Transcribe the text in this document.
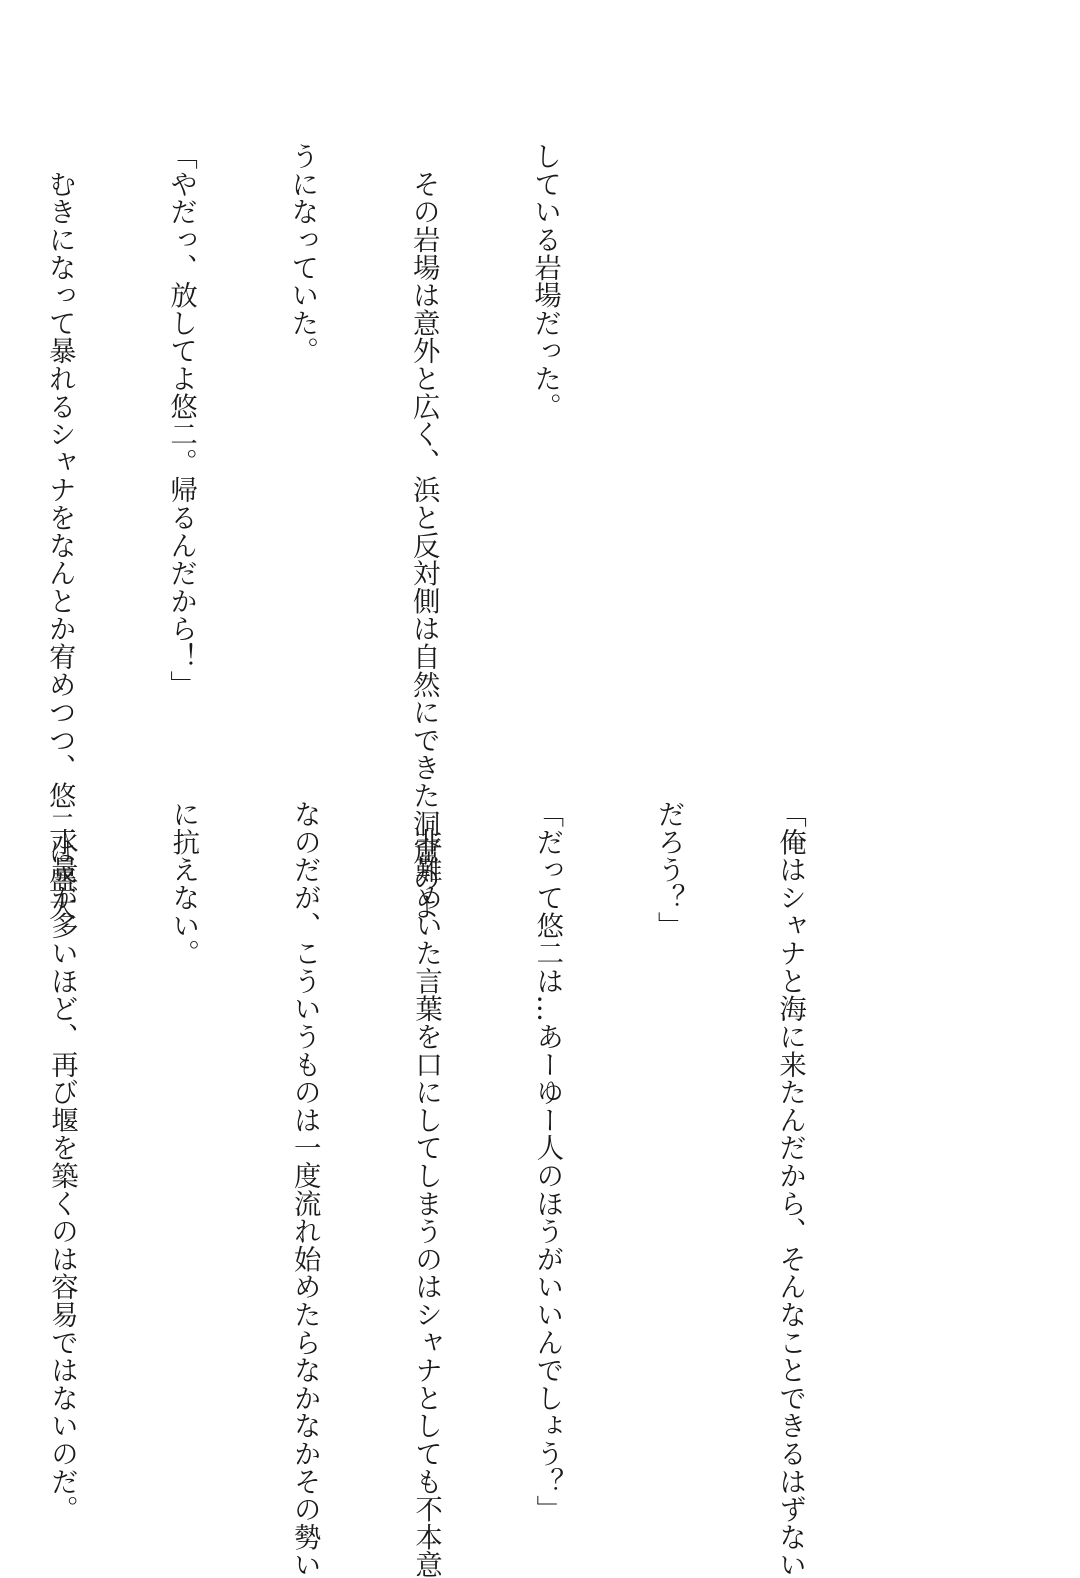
している岩場だった。

　その岩場は意外と広く、浜と反対側は自然にできた洞窟のよ

うになっていた。

「やだっ、放してよ悠二。帰るんだから！」

　むきになって暴れるシャナをなんとか宥めつつ、悠二は盛大

「俺はシャナと海に来たんだから、そんなことできるはずない

だろう？」

「だって悠二は…あーゆー人のほうがいいんでしょう？」

　非難めいた言葉を口にしてしまうのはシャナとしても不本意

なのだが、こういうものは一度流れ始めたらなかなかその勢い

に抗えない。

　水量が多いほど、再び堰を築くのは容易ではないのだ。
